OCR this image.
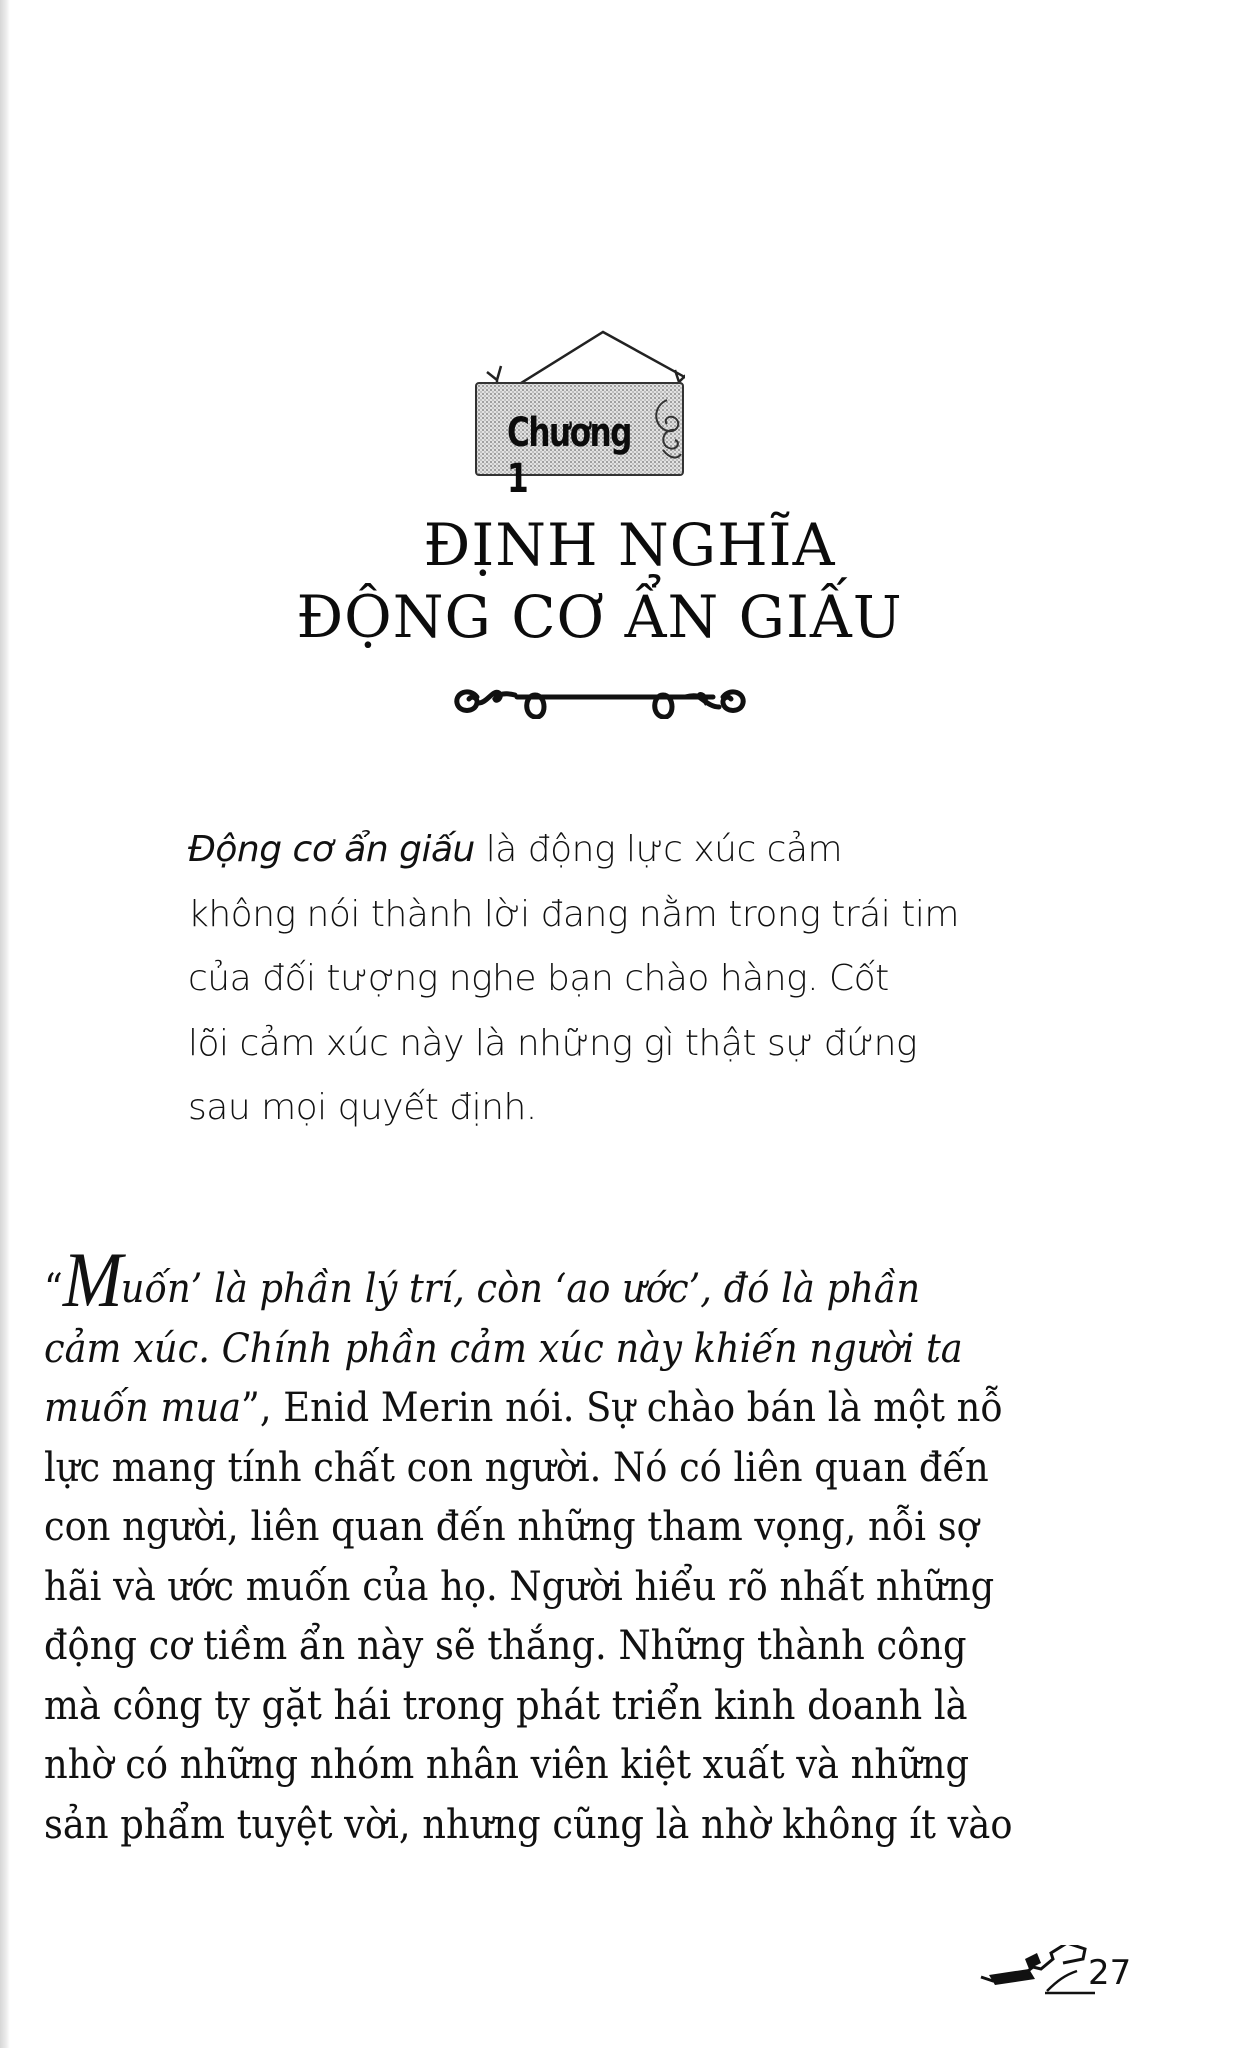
Chương 1
ĐỊNH NGHĨA
ĐỘNG CƠ ẨN GIẤU
Động cơ ẩn giấu là động lực xúc cảm
không nói thành lời đang nằm trong trái tim
của đối tượng nghe bạn chào hàng. Cốt
lõi cảm xúc này là những gì thật sự đứng
sau mọi quyết định.
“Muốn’ là phần lý trí, còn ‘ao ước’, đó là phần
cảm xúc. Chính phần cảm xúc này khiến người ta
muốn mua”, Enid Merin nói. Sự chào bán là một nỗ
lực mang tính chất con người. Nó có liên quan đến
con người, liên quan đến những tham vọng, nỗi sợ
hãi và ước muốn của họ. Người hiểu rõ nhất những
động cơ tiềm ẩn này sẽ thắng. Những thành công
mà công ty gặt hái trong phát triển kinh doanh là
nhờ có những nhóm nhân viên kiệt xuất và những
sản phẩm tuyệt vời, nhưng cũng là nhờ không ít vào
27
